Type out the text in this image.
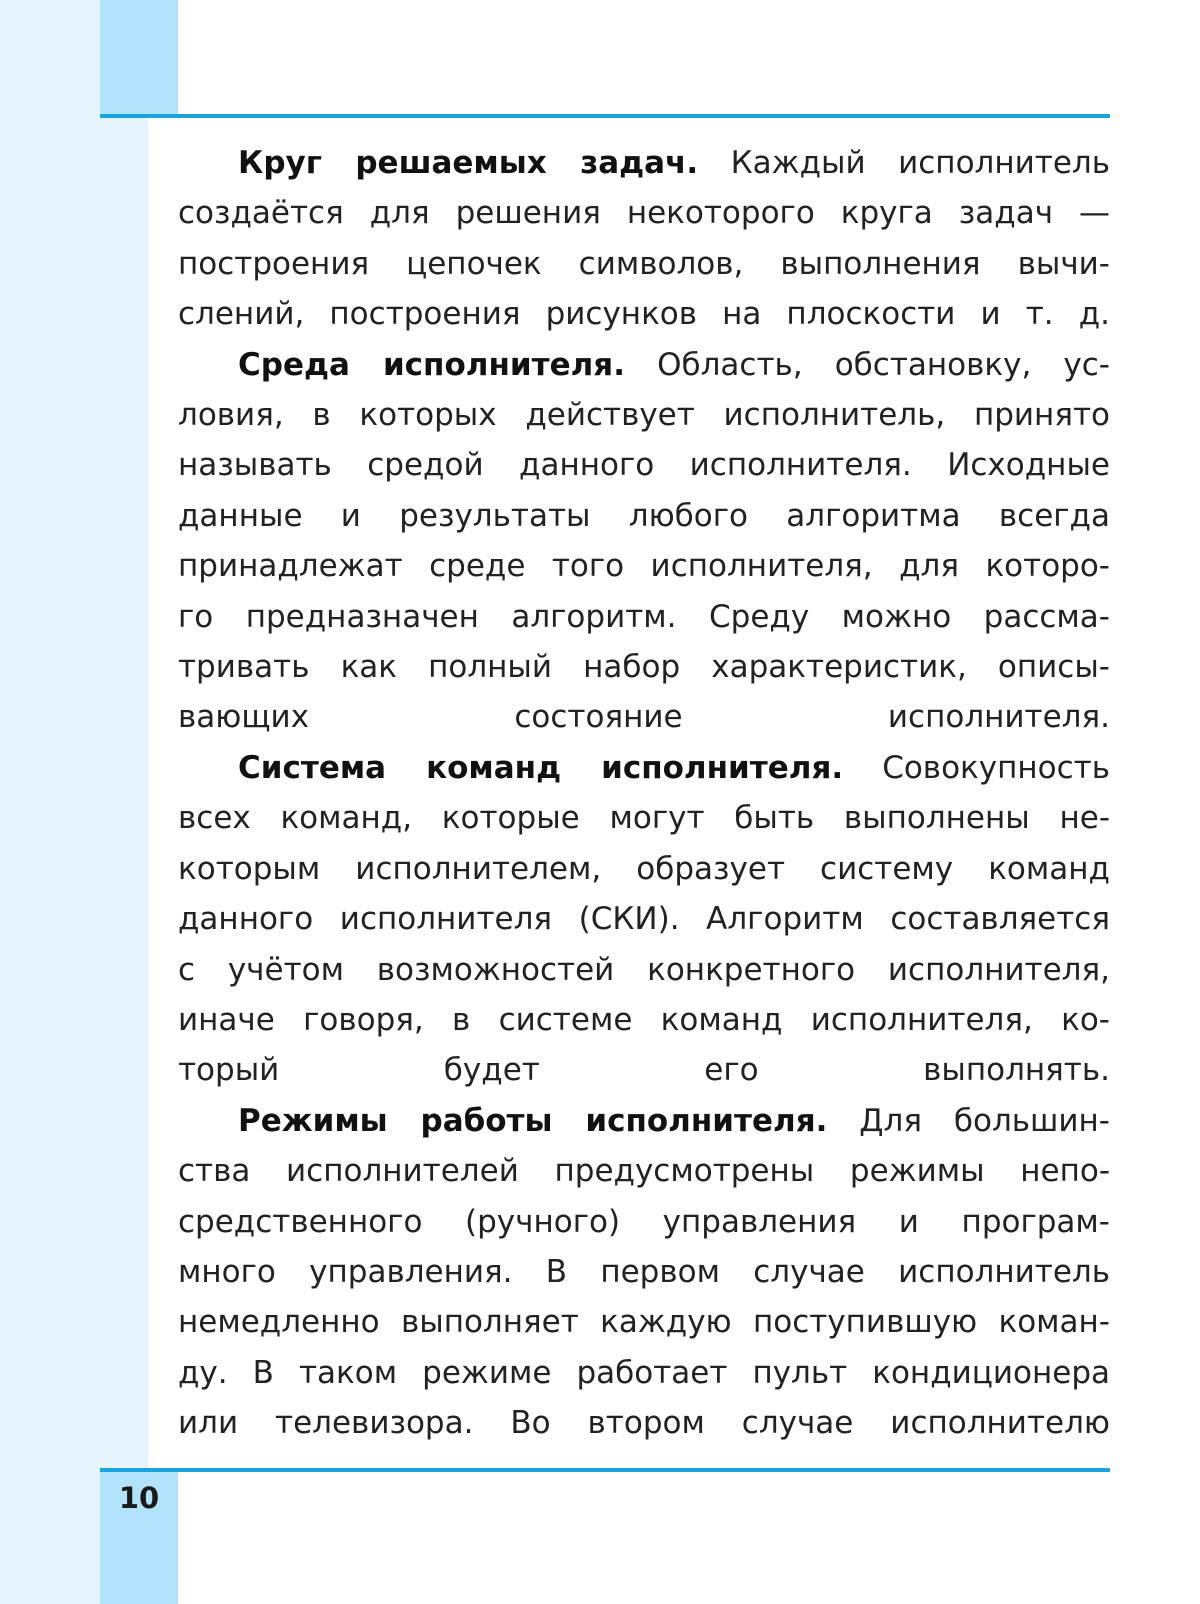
Круг решаемых задач. Каждый исполнитель
создаётся для решения некоторого круга задач —
построения цепочек символов, выполнения вычи-
слений, построения рисунков на плоскости и т. д.

Среда исполнителя. Область, обстановку, ус-
ловия, в которых действует исполнитель, принято
называть средой данного исполнителя. Исходные
данные и результаты любого алгоритма всегда
принадлежат среде того исполнителя, для которо-
го предназначен алгоритм. Среду можно рассма-
тривать как полный набор характеристик, описы-
вающих состояние исполнителя.

Система команд исполнителя. Совокупность
всех команд, которые могут быть выполнены не-
которым исполнителем, образует систему команд
данного исполнителя (СКИ). Алгоритм составляется
с учётом возможностей конкретного исполнителя,
иначе говоря, в системе команд исполнителя, ко-
торый будет его выполнять.

Режимы работы исполнителя. Для большин-
ства исполнителей предусмотрены режимы непо-
средственного (ручного) управления и програм-
много управления. В первом случае исполнитель
немедленно выполняет каждую поступившую коман-
ду. В таком режиме работает пульт кондиционера
или телевизора. Во втором случае исполнителю

10
